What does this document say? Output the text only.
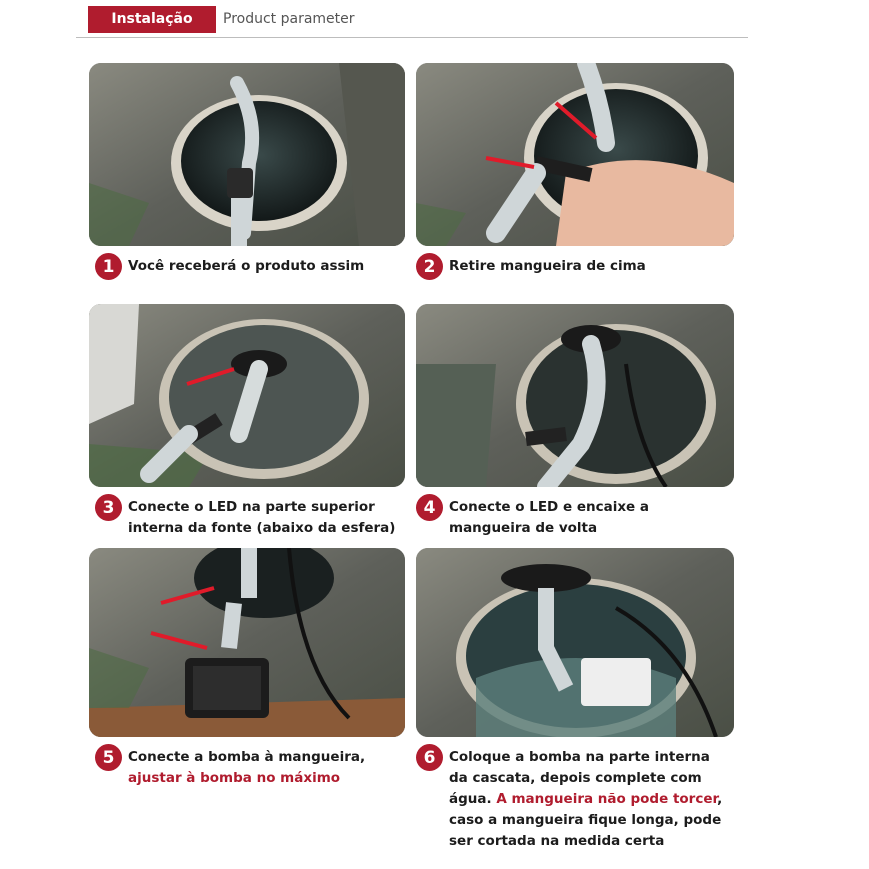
Instalação	Product parameter
1	Você receberá o produto assim	2	Retire mangueira de cima
3	Conecte o LED na parte superior
interna da fonte (abaixo da esfera)
4	Conecte o LED e encaixe a
mangueira de volta
5	Conecte a bomba à mangueira,
ajustar à bomba no máximo
6	Coloque a bomba na parte interna da cascata, depois complete com água. A mangueira não pode torcer, caso a mangueira fique longa, pode ser cortada na medida certa
